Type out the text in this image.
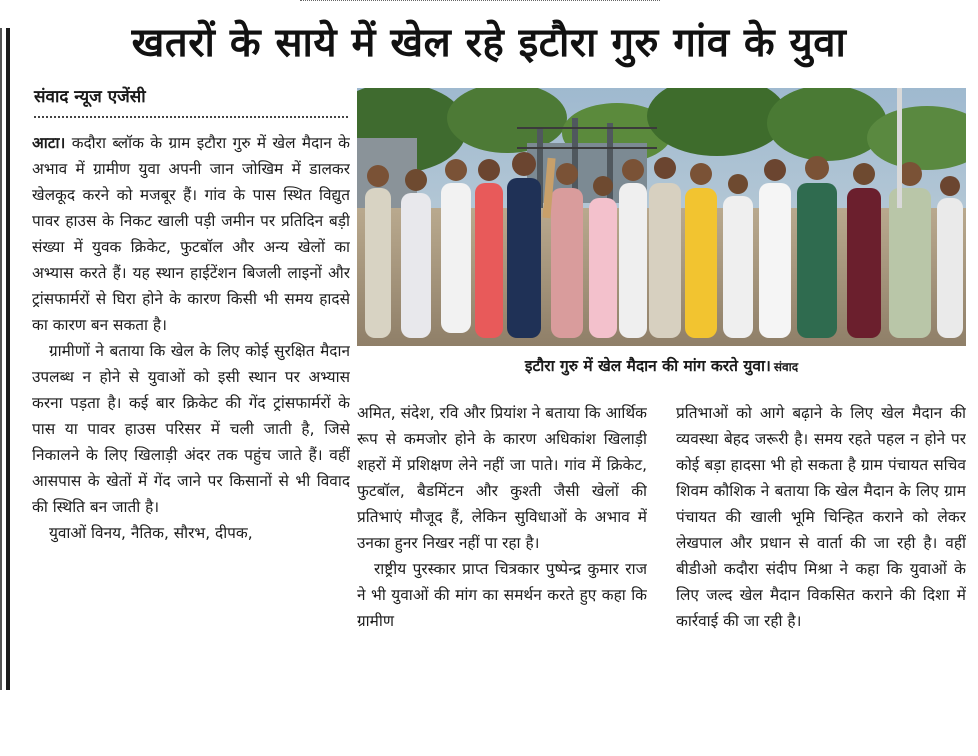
खतरों के साये में खेल रहे इटौरा गुरु गांव के युवा
संवाद न्यूज एजेंसी

आटा। कदौरा ब्लॉक के ग्राम इटौरा गुरु में खेल मैदान के अभाव में ग्रामीण युवा अपनी जान जोखिम में डालकर खेलकूद करने को मजबूर हैं। गांव के पास स्थित विद्युत पावर हाउस के निकट खाली पड़ी जमीन पर प्रतिदिन बड़ी संख्या में युवक क्रिकेट, फुटबॉल और अन्य खेलों का अभ्यास करते हैं। यह स्थान हाईटेंशन बिजली लाइनों और ट्रांसफार्मरों से घिरा होने के कारण किसी भी समय हादसे का कारण बन सकता है।

ग्रामीणों ने बताया कि खेल के लिए कोई सुरक्षित मैदान उपलब्ध न होने से युवाओं को इसी स्थान पर अभ्यास करना पड़ता है। कई बार क्रिकेट की गेंद ट्रांसफार्मरों के पास या पावर हाउस परिसर में चली जाती है, जिसे निकालने के लिए खिलाड़ी अंदर तक पहुंच जाते हैं। वहीं आसपास के खेतों में गेंद जाने पर किसानों से भी विवाद की स्थिति बन जाती है।

युवाओं विनय, नैतिक, सौरभ, दीपक,

इटौरा गुरु में खेल मैदान की मांग करते युवा। संवाद

अमित, संदेश, रवि और प्रियांश ने बताया कि आर्थिक रूप से कमजोर होने के कारण अधिकांश खिलाड़ी शहरों में प्रशिक्षण लेने नहीं जा पाते। गांव में क्रिकेट, फुटबॉल, बैडमिंटन और कुश्ती जैसी खेलों की प्रतिभाएं मौजूद हैं, लेकिन सुविधाओं के अभाव में उनका हुनर निखर नहीं पा रहा है।

राष्ट्रीय पुरस्कार प्राप्त चित्रकार पुष्पेन्द्र कुमार राज ने भी युवाओं की मांग का समर्थन करते हुए कहा कि ग्रामीण

प्रतिभाओं को आगे बढ़ाने के लिए खेल मैदान की व्यवस्था बेहद जरूरी है। समय रहते पहल न होने पर कोई बड़ा हादसा भी हो सकता है ग्राम पंचायत सचिव शिवम कौशिक ने बताया कि खेल मैदान के लिए ग्राम पंचायत की खाली भूमि चिन्हित कराने को लेकर लेखपाल और प्रधान से वार्ता की जा रही है। वहीं बीडीओ कदौरा संदीप मिश्रा ने कहा कि युवाओं के लिए जल्द खेल मैदान विकसित कराने की दिशा में कार्रवाई की जा रही है।
